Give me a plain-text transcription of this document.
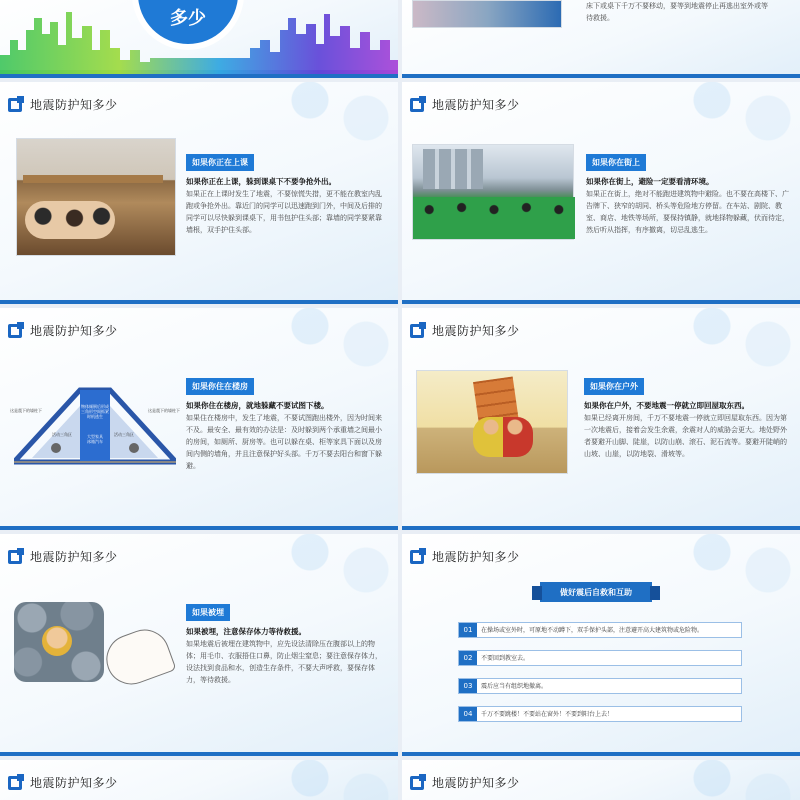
多少
床下或桌下千万不要移动，要等到地震停止再逃出室外或等
待救援。
地震防护知多少
如果你正在上课
如果你正在上课，躲到课桌下不要争抢外出。
如果正在上课时发生了地震，不要惊慌失措，更不能在教室内乱跑或争抢外出。靠近门的同学可以迅速跑到门外，中间及后排的同学可以尽快躲到课桌下，用书包护住头部；靠墙的同学要紧靠墙根，双手护住头部。
地震防护知多少
如果你在街上
如果你在街上，避险一定要看清环境。
如果正在街上，绝对不能跑进建筑物中避险。也不要在高楼下、广告牌下、狭窄的胡同、桥头等危险地方停留。在车站、剧院、教室、商店、地铁等场所，要保持镇静，就地择物躲藏，伏而待定，然后听从指挥，有序撤离，切忌乱逃生。
地震防护知多少
这是震下的墙柱下	这是震下的墙柱下
活动三角区	活动三角区
物体倾倒后形成三角形空间抓紧时机逃生
大型家具冰箱汽车
如果你住在楼房
如果你住在楼房，就地躲藏不要试图下楼。
如果住在楼房中，发生了地震，不要试图跑出楼外，因为时间来不及。最安全、最有效的办法是：及时躲到两个承重墙之间最小的房间，如厕所、厨房等。也可以躲在桌、柜等家具下面以及房间内侧的墙角，并且注意保护好头部。千万不要去阳台和窗下躲避。
地震防护知多少
如果你在户外
如果你在户外，不要地震一停就立即回屋取东西。
如果已经离开房间，千万不要地震一停就立即回屋取东西。因为第一次地震后，接着会发生余震，余震对人的威胁会更大。地处野外者要避开山脚、陡崖，以防山崩、滚石、泥石流等。要避开陡峭的山坡、山崖，以防地裂、滑坡等。
地震防护知多少
如果被埋
如果被埋，注意保存体力等待救援。
如果地震后被埋在建筑物中，应先设法清除压在腹部以上的物体；用毛巾、衣服捂住口鼻，防止烟尘窒息；要注意保存体力，设法找到食品和水，创造生存条件，不要大声呼救，要保存体力，等待救援。
地震防护知多少
做好震后自救和互助
01	在操场或室外时，可原地不动蹲下，双手保护头部，注意避开高大建筑物或危险物。
02	不要回到教室去。
03	震后应当有组织地撤离。
04	千万不要跳楼！不要站在窗外！不要到阳台上去！
地震防护知多少	地震防护知多少
